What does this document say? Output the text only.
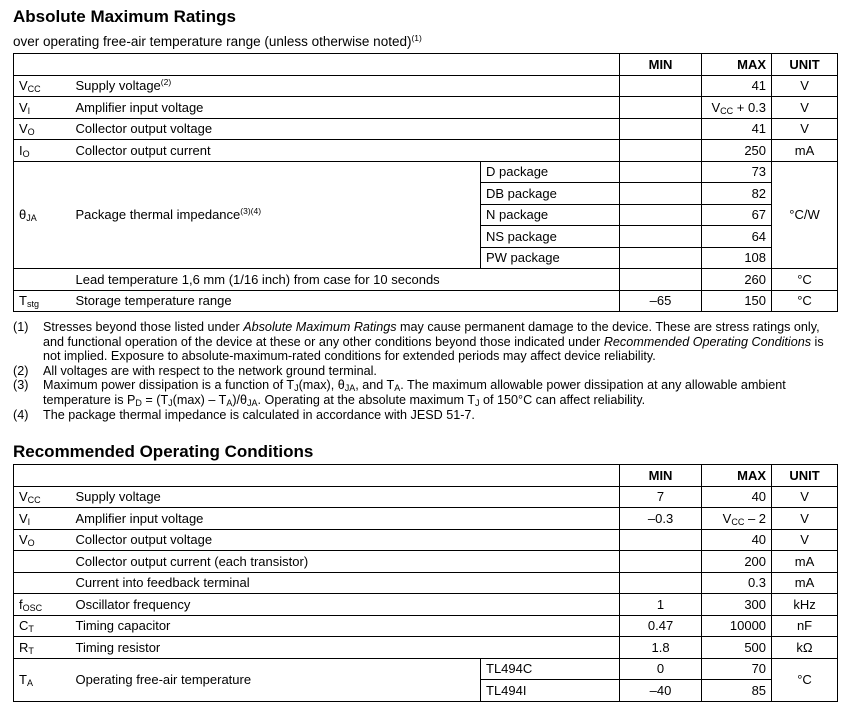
Absolute Maximum Ratings
over operating free-air temperature range (unless otherwise noted)$^{(1)}$
			MIN	MAX	UNIT
$V_{CC}$	Supply voltage$^{(2)}$			41	V
$V_I$	Amplifier input voltage			$V_{CC} + 0.3$	V
$V_O$	Collector output voltage			41	V
$I_O$	Collector output current			250	mA
$\theta_{JA}$	Package thermal impedance$^{(3)(4)}$	D package		73	°C/W
		DB package		82	
		N package		67	
		NS package		64	
		PW package		108	
	Lead temperature 1,6 mm (1/16 inch) from case for 10 seconds			260	°C
$T_{stg}$	Storage temperature range		–65	150	°C
(1)	Stresses beyond those listed under Absolute Maximum Ratings may cause permanent damage to the device. These are stress ratings only, and functional operation of the device at these or any other conditions beyond those indicated under Recommended Operating Conditions is not implied. Exposure to absolute-maximum-rated conditions for extended periods may affect device reliability.
(2)	All voltages are with respect to the network ground terminal.
(3)	Maximum power dissipation is a function of $T_J(\max)$, $\theta_{JA}$, and $T_A$. The maximum allowable power dissipation at any allowable ambient temperature is $P_D = (T_J(\max) - T_A)/\theta_{JA}$. Operating at the absolute maximum $T_J$ of 150°C can affect reliability.
(4)	The package thermal impedance is calculated in accordance with JESD 51-7.
Recommended Operating Conditions
			MIN	MAX	UNIT
$V_{CC}$	Supply voltage		7	40	V
$V_I$	Amplifier input voltage		–0.3	$V_{CC} - 2$	V
$V_O$	Collector output voltage			40	V
	Collector output current (each transistor)			200	mA
	Current into feedback terminal			0.3	mA
$f_{OSC}$	Oscillator frequency		1	300	kHz
$C_T$	Timing capacitor		0.47	10000	nF
$R_T$	Timing resistor		1.8	500	kΩ
$T_A$	Operating free-air temperature	TL494C	0	70	°C
		TL494I	–40	85	
